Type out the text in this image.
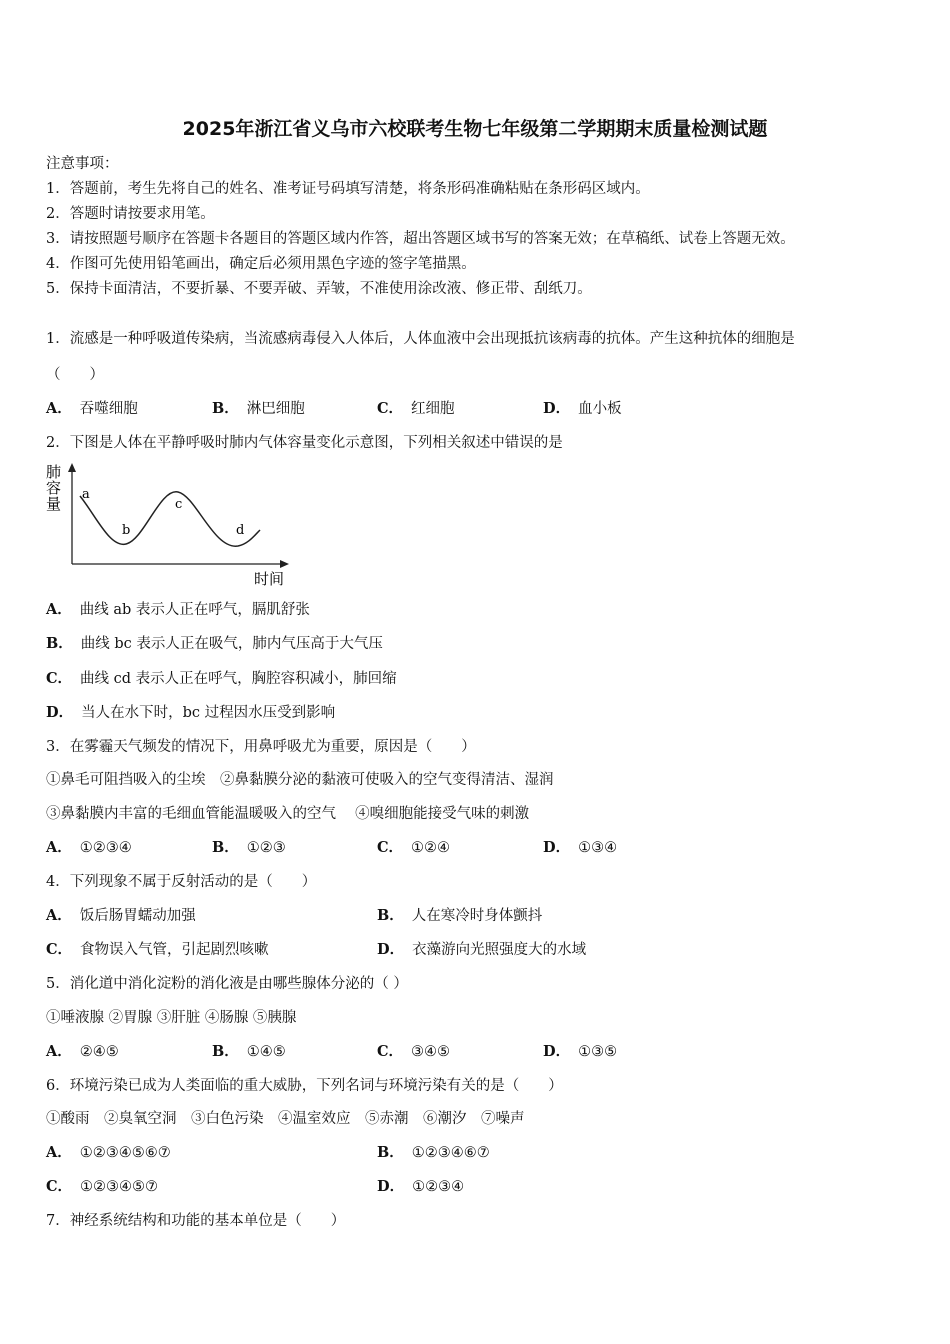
2025年浙江省义乌市六校联考生物七年级第二学期期末质量检测试题
注意事项：
1．答题前，考生先将自己的姓名、准考证号码填写清楚，将条形码准确粘贴在条形码区域内。
2．答题时请按要求用笔。
3．请按照题号顺序在答题卡各题目的答题区域内作答，超出答题区域书写的答案无效；在草稿纸、试卷上答题无效。
4．作图可先使用铅笔画出，确定后必须用黑色字迹的签字笔描黑。
5．保持卡面清洁，不要折暴、不要弄破、弄皱，不准使用涂改液、修正带、刮纸刀。
1．流感是一种呼吸道传染病，当流感病毒侵入人体后，人体血液中会出现抵抗该病毒的抗体。产生这种抗体的细胞是
（　　）
A． 吞噬细胞	B． 淋巴细胞	C． 红细胞	D． 血小板
2．下图是人体在平静呼吸时肺内气体容量变化示意图，下列相关叙述中错误的是
肺
容
量
a
b
c
d
时间
A． 曲线 ab 表示人正在呼气，膈肌舒张
B． 曲线 bc 表示人正在吸气，肺内气压高于大气压
C． 曲线 cd 表示人正在呼气，胸腔容积减小，肺回缩
D． 当人在水下时，bc 过程因水压受到影响
3．在雾霾天气频发的情况下，用鼻呼吸尤为重要，原因是（　　）
①鼻毛可阻挡吸入的尘埃　②鼻黏膜分泌的黏液可使吸入的空气变得清洁、湿润
③鼻黏膜内丰富的毛细血管能温暖吸入的空气　 ④嗅细胞能接受气味的刺激
A． ①②③④	B． ①②③	C． ①②④	D． ①③④
4．下列现象不属于反射活动的是（　　）
A． 饭后肠胃蠕动加强	B． 人在寒冷时身体颤抖
C． 食物误入气管，引起剧烈咳嗽	D． 衣藻游向光照强度大的水域
5．消化道中消化淀粉的消化液是由哪些腺体分泌的（ ）
①唾液腺 ②胃腺 ③肝脏 ④肠腺 ⑤胰腺
A． ②④⑤	B． ①④⑤	C． ③④⑤	D． ①③⑤
6．环境污染已成为人类面临的重大威胁，下列名词与环境污染有关的是（　　）
①酸雨　②臭氧空洞　③白色污染　④温室效应　⑤赤潮　⑥潮汐　⑦噪声
A． ①②③④⑤⑥⑦	B． ①②③④⑥⑦
C． ①②③④⑤⑦	D． ①②③④
7．神经系统结构和功能的基本单位是（　　）
